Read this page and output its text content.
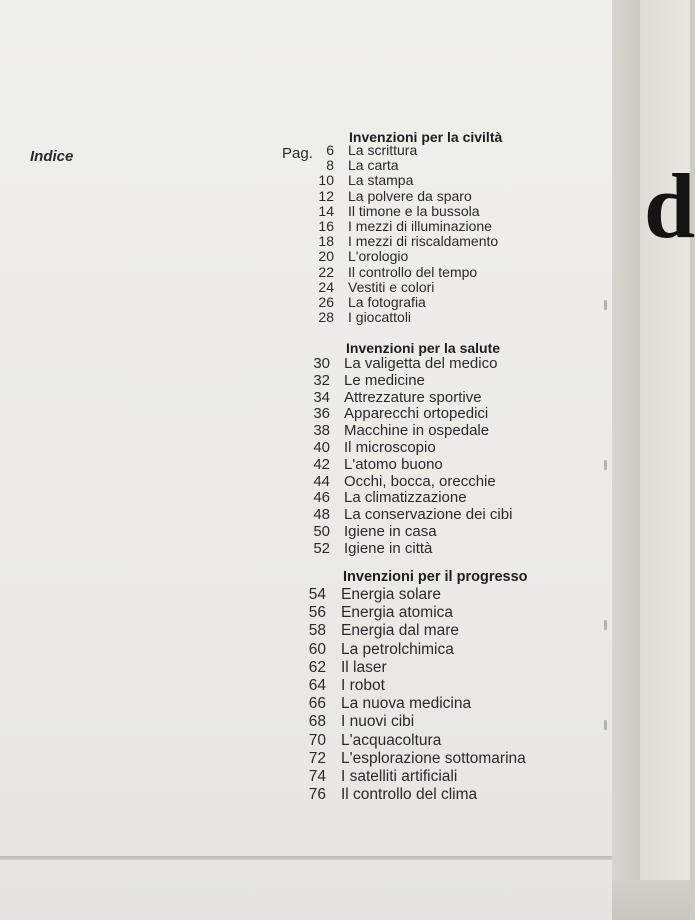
d
Indice	Pag.
Invenzioni per la civiltà
6 La scrittura
8 La carta
10 La stampa
12 La polvere da sparo
14 Il timone e la bussola
16 I mezzi di illuminazione
18 I mezzi di riscaldamento
20 L'orologio
22 Il controllo del tempo
24 Vestiti e colori
26 La fotografia
28 I giocattoli
Invenzioni per la salute
30 La valigetta del medico
32 Le medicine
34 Attrezzature sportive
36 Apparecchi ortopedici
38 Macchine in ospedale
40 Il microscopio
42 L'atomo buono
44 Occhi, bocca, orecchie
46 La climatizzazione
48 La conservazione dei cibi
50 Igiene in casa
52 Igiene in città
Invenzioni per il progresso
54 Energia solare
56 Energia atomica
58 Energia dal mare
60 La petrolchimica
62 Il laser
64 I robot
66 La nuova medicina
68 I nuovi cibi
70 L'acquacoltura
72 L'esplorazione sottomarina
74 I satelliti artificiali
76 Il controllo del clima
